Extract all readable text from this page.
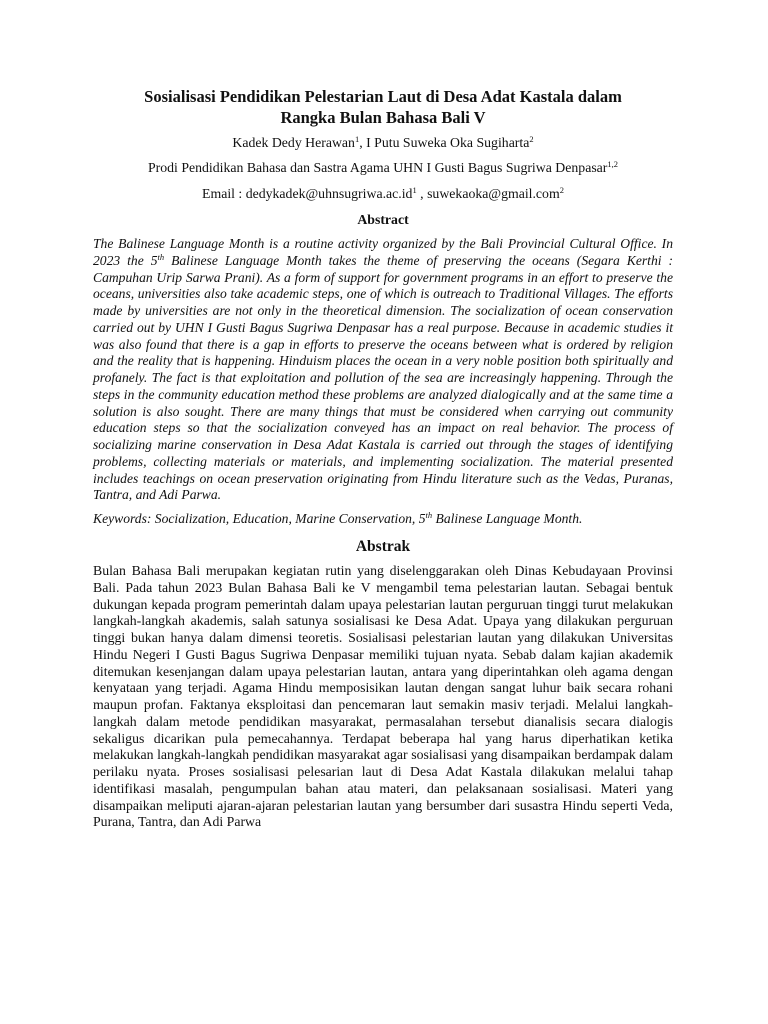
Sosialisasi Pendidikan Pelestarian Laut di Desa Adat Kastala dalam
Rangka Bulan Bahasa Bali V

Kadek Dedy Herawan$^1$, I Putu Suweka Oka Sugiharta$^2$

Prodi Pendidikan Bahasa dan Sastra Agama UHN I Gusti Bagus Sugriwa Denpasar$^{1,2}$

Email : $dedykadek@uhnsugriwa.ac.id^1$ , suwekaoka@gmail.com$^2$

Abstract

The Balinese Language Month is a routine activity organized by the Bali Provincial Cultural Office. In 2023 the 5th Balinese Language Month takes the theme of preserving the oceans (Segara Kerthi : Campuhan Urip Sarwa Prani). As a form of support for government programs in an effort to preserve the oceans, universities also take academic steps, one of which is outreach to Traditional Villages. The efforts made by universities are not only in the theoretical dimension. The socialization of ocean conservation carried out by UHN I Gusti Bagus Sugriwa Denpasar has a real purpose. Because in academic studies it was also found that there is a gap in efforts to preserve the oceans between what is ordered by religion and the reality that is happening. Hinduism places the ocean in a very noble position both spiritually and profanely. The fact is that exploitation and pollution of the sea are increasingly happening. Through the steps in the community education method these problems are analyzed dialogically and at the same time a solution is also sought. There are many things that must be considered when carrying out community education steps so that the socialization conveyed has an impact on real behavior. The process of socializing marine conservation in Desa Adat Kastala is carried out through the stages of identifying problems, collecting materials or materials, and implementing socialization. The material presented includes teachings on ocean preservation originating from Hindu literature such as the Vedas, Puranas, Tantra, and Adi Parwa.

Keywords: Socialization, Education, Marine Conservation, 5th Balinese Language Month.

Abstrak

Bulan Bahasa Bali merupakan kegiatan rutin yang diselenggarakan oleh Dinas Kebudayaan Provinsi Bali. Pada tahun 2023 Bulan Bahasa Bali ke V mengambil tema pelestarian lautan. Sebagai bentuk dukungan kepada program pemerintah dalam upaya pelestarian lautan perguruan tinggi turut melakukan langkah-langkah akademis, salah satunya sosialisasi ke Desa Adat. Upaya yang dilakukan perguruan tinggi bukan hanya dalam dimensi teoretis. Sosialisasi pelestarian lautan yang dilakukan Universitas Hindu Negeri I Gusti Bagus Sugriwa Denpasar memiliki tujuan nyata. Sebab dalam kajian akademik ditemukan kesenjangan dalam upaya pelestarian lautan, antara yang diperintahkan oleh agama dengan kenyataan yang terjadi. Agama Hindu memposisikan lautan dengan sangat luhur baik secara rohani maupun profan. Faktanya eksploitasi dan pencemaran laut semakin masiv terjadi. Melalui langkah-langkah dalam metode pendidikan masyarakat, permasalahan tersebut dianalisis secara dialogis sekaligus dicarikan pula pemecahannya. Terdapat beberapa hal yang harus diperhatikan ketika melakukan langkah-langkah pendidikan masyarakat agar sosialisasi yang disampaikan berdampak dalam perilaku nyata. Proses sosialisasi pelesarian laut di Desa Adat Kastala dilakukan melalui tahap identifikasi masalah, pengumpulan bahan atau materi, dan pelaksanaan sosialisasi. Materi yang disampaikan meliputi ajaran-ajaran pelestarian lautan yang bersumber dari susastra Hindu seperti Veda, Purana, Tantra, dan Adi Parwa
